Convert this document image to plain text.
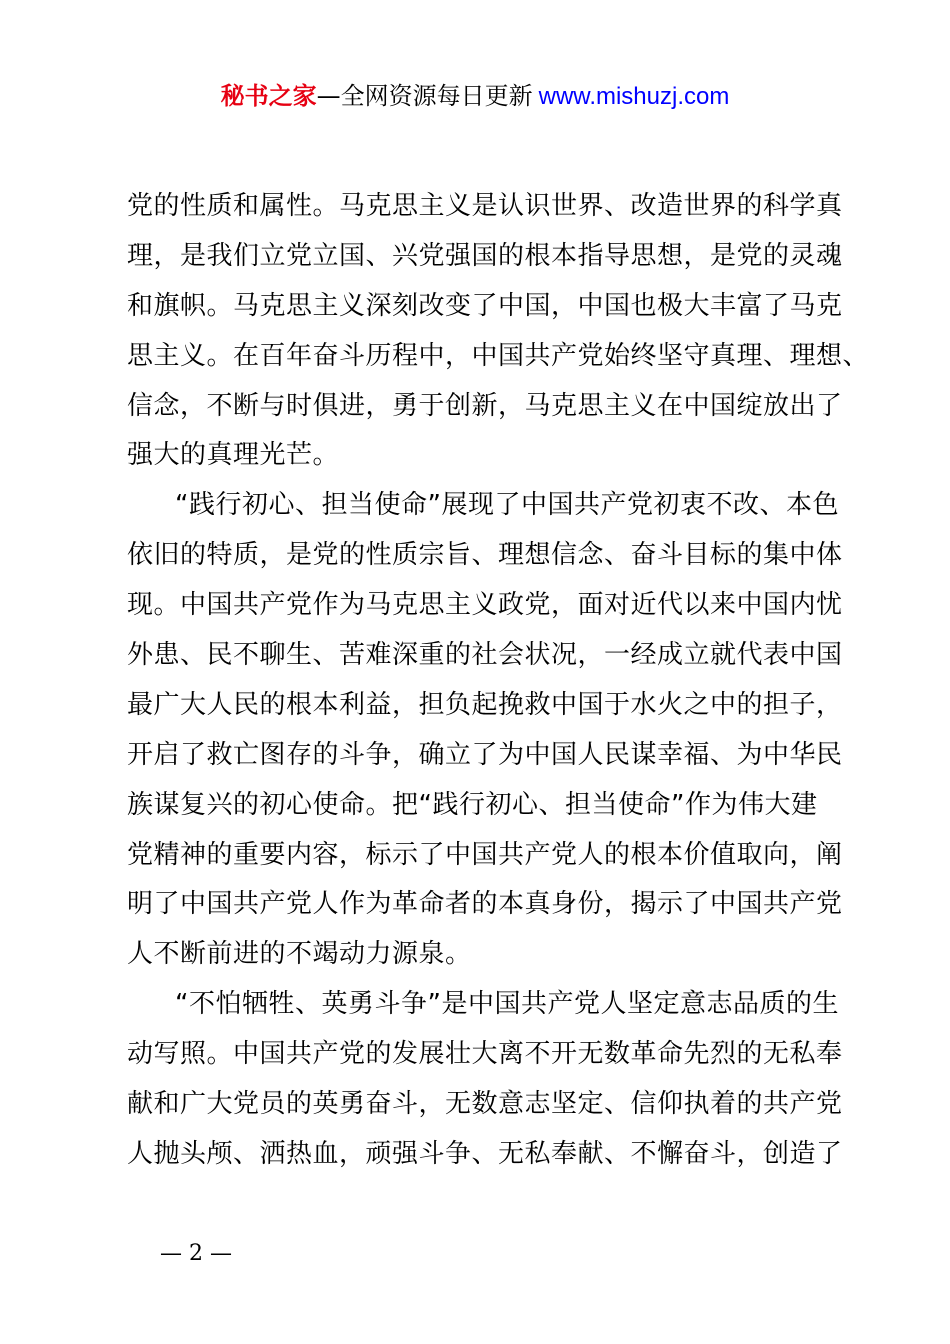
秘书之家—全网资源每日更新 www.mishuzj.com
党的性质和属性。马克思主义是认识世界、改造世界的科学真
理，是我们立党立国、兴党强国的根本指导思想，是党的灵魂
和旗帜。马克思主义深刻改变了中国，中国也极大丰富了马克
思主义。在百年奋斗历程中，中国共产党始终坚守真理、理想、
信念，不断与时俱进，勇于创新，马克思主义在中国绽放出了
强大的真理光芒。
“践行初心、担当使命”展现了中国共产党初衷不改、本色
依旧的特质，是党的性质宗旨、理想信念、奋斗目标的集中体
现。中国共产党作为马克思主义政党，面对近代以来中国内忧
外患、民不聊生、苦难深重的社会状况，一经成立就代表中国
最广大人民的根本利益，担负起挽救中国于水火之中的担子，
开启了救亡图存的斗争，确立了为中国人民谋幸福、为中华民
族谋复兴的初心使命。把“践行初心、担当使命”作为伟大建
党精神的重要内容，标示了中国共产党人的根本价值取向，阐
明了中国共产党人作为革命者的本真身份，揭示了中国共产党
人不断前进的不竭动力源泉。
“不怕牺牲、英勇斗争”是中国共产党人坚定意志品质的生
动写照。中国共产党的发展壮大离不开无数革命先烈的无私奉
献和广大党员的英勇奋斗，无数意志坚定、信仰执着的共产党
人抛头颅、洒热血，顽强斗争、无私奉献、不懈奋斗，创造了
— 2 —
